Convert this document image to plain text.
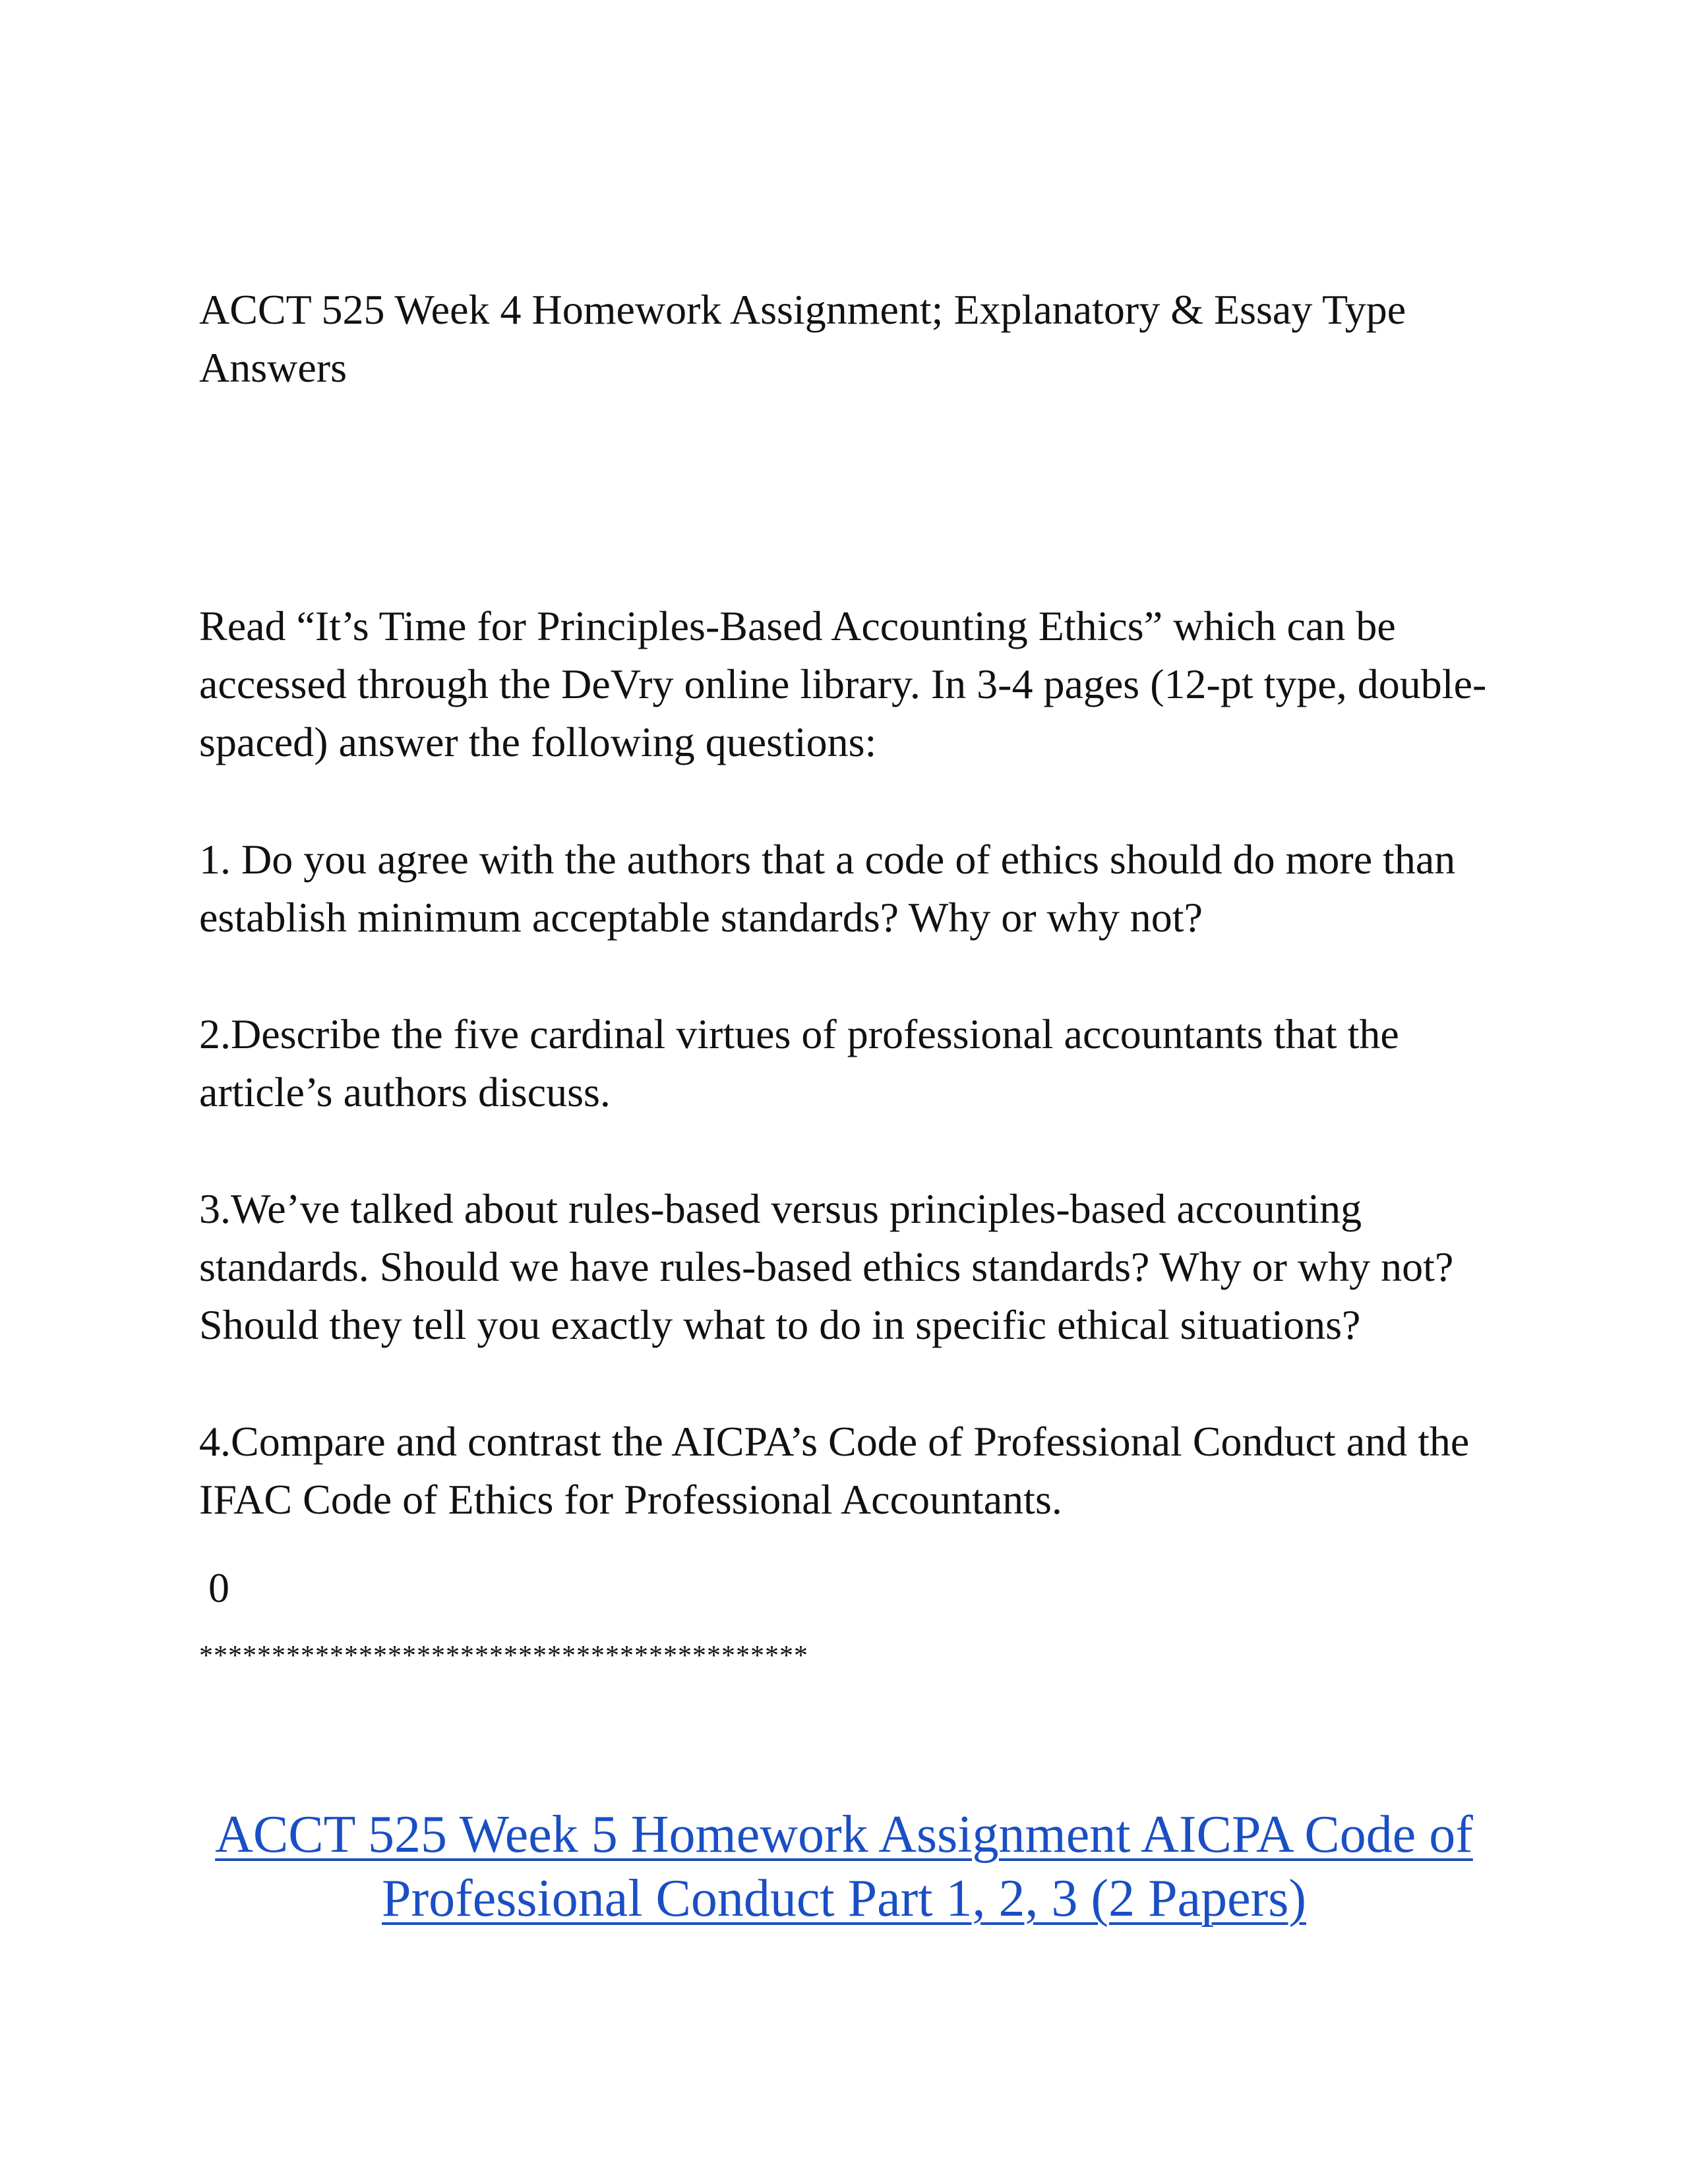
ACCT 525 Week 4 Homework Assignment; Explanatory & Essay Type Answers

Read “It’s Time for Principles-Based Accounting Ethics” which can be accessed through the DeVry online library. In 3-4 pages (12-pt type, double-spaced) answer the following questions:

1. Do you agree with the authors that a code of ethics should do more than establish minimum acceptable standards? Why or why not?

2.Describe the five cardinal virtues of professional accountants that the article’s authors discuss.

3.We’ve talked about rules-based versus principles-based accounting standards. Should we have rules-based ethics standards? Why or why not? Should they tell you exactly what to do in specific ethical situations?

4.Compare and contrast the AICPA’s Code of Professional Conduct and the IFAC Code of Ethics for Professional Accountants.

0

******************************************

ACCT 525 Week 5 Homework Assignment AICPA Code of Professional Conduct Part 1, 2, 3 (2 Papers)
